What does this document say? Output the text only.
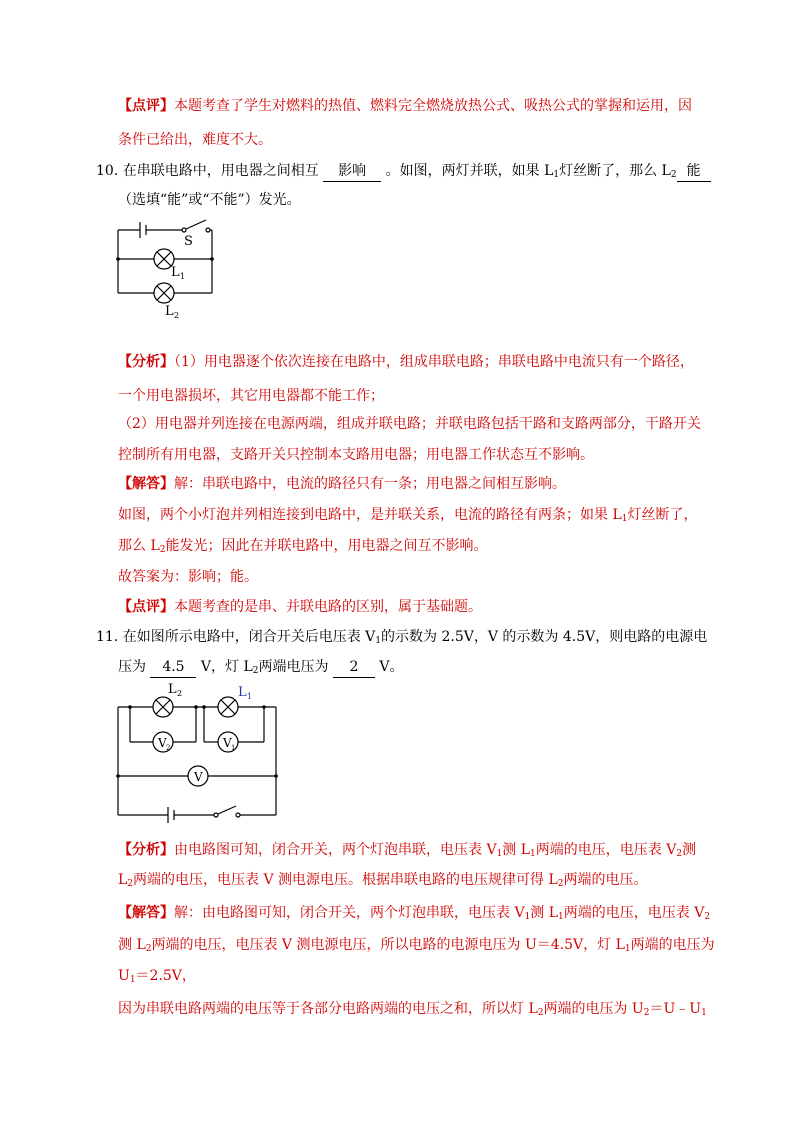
【点评】本题考查了学生对燃料的热值、燃料完全燃烧放热公式、吸热公式的掌握和运用，因
条件已给出，难度不大。
10. 在串联电路中，用电器之间相互 影响 。如图，两灯并联，如果 $L_1$灯丝断了，那么 $L_2$ 能
（选填“能”或“不能”）发光。
S
L 1
L 2
【分析】（1）用电器逐个依次连接在电路中，组成串联电路；串联电路中电流只有一个路径，
一个用电器损坏，其它用电器都不能工作；
（2）用电器并列连接在电源两端，组成并联电路；并联电路包括干路和支路两部分，干路开关
控制所有用电器，支路开关只控制本支路用电器；用电器工作状态互不影响。
【解答】解：串联电路中，电流的路径只有一条；用电器之间相互影响。
如图，两个小灯泡并列相连接到电路中，是并联关系，电流的路径有两条；如果 $L_1$灯丝断了，
那么 $L_2$能发光；因此在并联电路中，用电器之间互不影响。
故答案为：影响；能。
【点评】本题考查的是串、并联电路的区别，属于基础题。
11. 在如图所示电路中，闭合开关后电压表 $V_1$的示数为 2.5V，V 的示数为 4.5V，则电路的电源电
压为 4.5 V，灯 $L_2$两端电压为 2 V。
L 2	L 1
V 2	V 1
V
【分析】由电路图可知，闭合开关，两个灯泡串联，电压表 $V_1$测 $L_1$两端的电压，电压表 $V_2$测
$L_2$两端的电压，电压表 V 测电源电压。根据串联电路的电压规律可得 $L_2$两端的电压。
【解答】解：由电路图可知，闭合开关，两个灯泡串联，电压表 $V_1$测 $L_1$两端的电压，电压表 $V_2$
测 $L_2$两端的电压，电压表 V 测电源电压，所以电路的电源电压为 U＝4.5V，灯 $L_1$两端的电压为
$U_1=2.5V$，
因为串联电路两端的电压等于各部分电路两端的电压之和，所以灯 $L_2$两端的电压为 $U_2=U﹣U_1$
